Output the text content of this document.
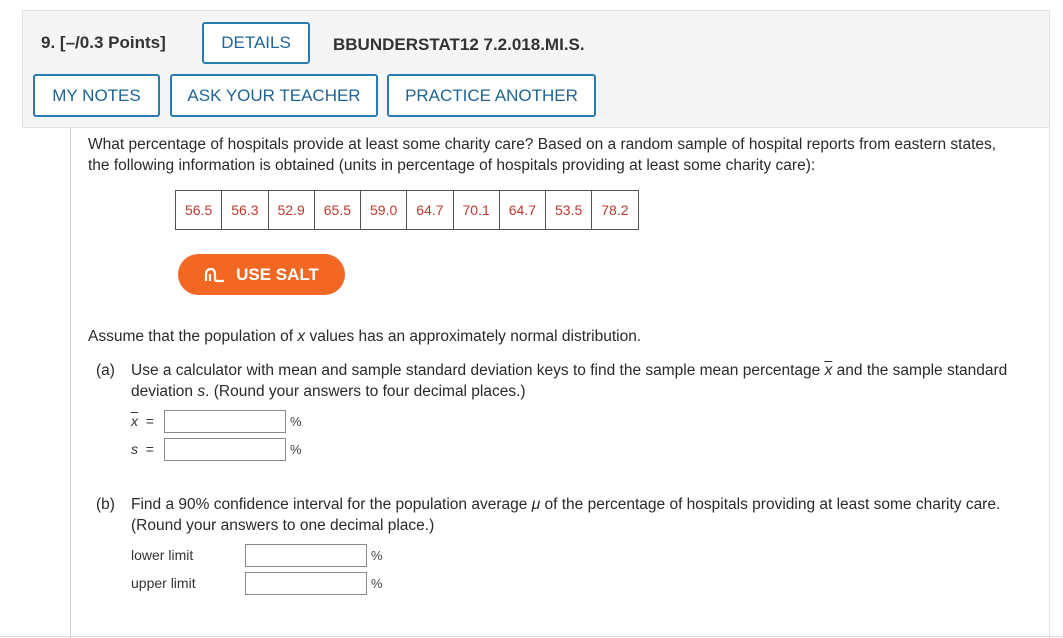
9. [–/0.3 Points]	DETAILS	BBUNDERSTAT12 7.2.018.MI.S.
MY NOTES	ASK YOUR TEACHER	PRACTICE ANOTHER
What percentage of hospitals provide at least some charity care? Based on a random sample of hospital reports from eastern states,
the following information is obtained (units in percentage of hospitals providing at least some charity care):
56.5	56.3	52.9	65.5	59.0	64.7	70.1	64.7	53.5	78.2
USE SALT
Assume that the population of x values has an approximately normal distribution.
(a) Use a calculator with mean and sample standard deviation keys to find the sample mean percentage $\overline{x}$ and the sample standard
deviation s. (Round your answers to four decimal places.)
$\overline{x}$ =	%
s =	%
(b) Find a 90% confidence interval for the population average μ of the percentage of hospitals providing at least some charity care.
(Round your answers to one decimal place.)
lower limit	%
upper limit	%
